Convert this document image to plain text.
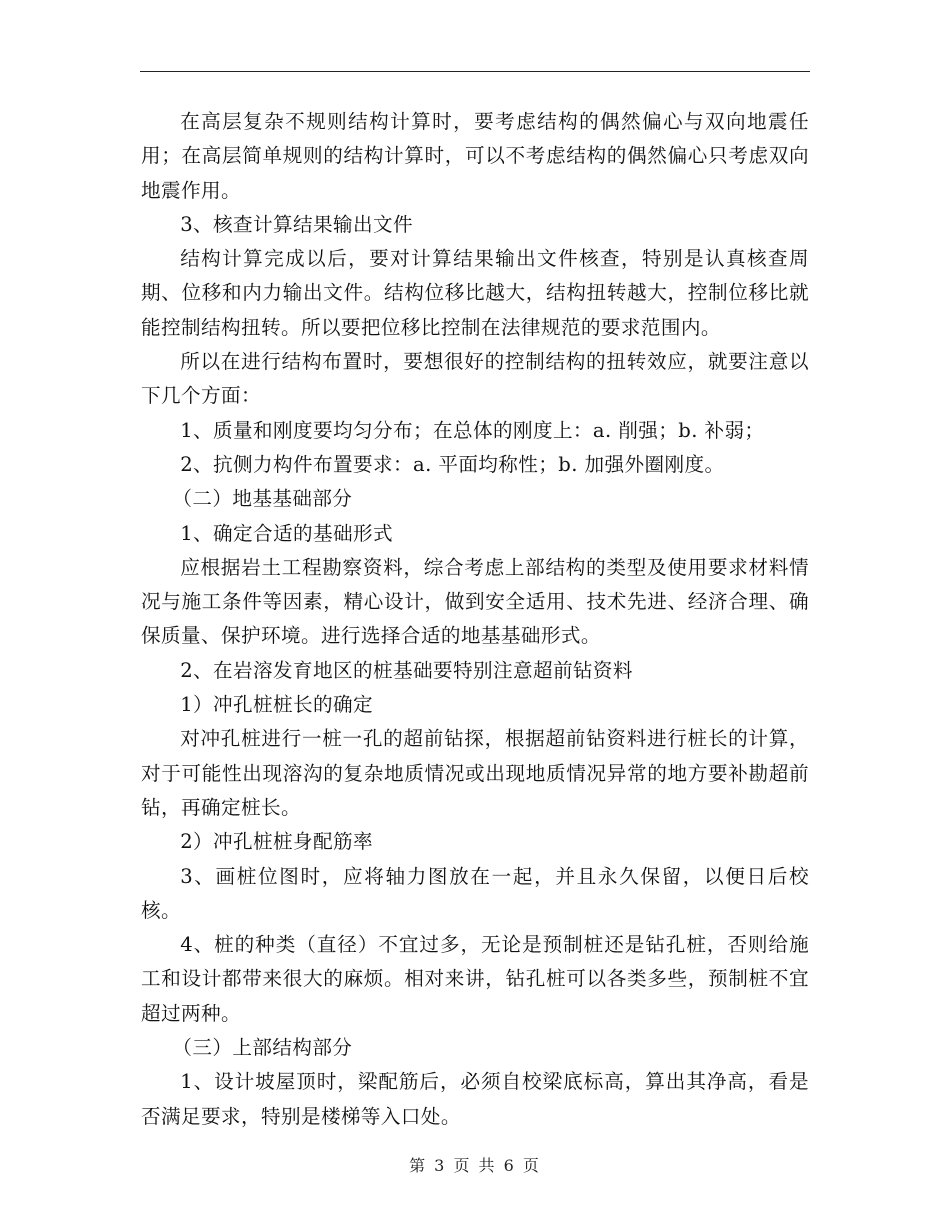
在高层复杂不规则结构计算时，要考虑结构的偶然偏心与双向地震任用；在高层简单规则的结构计算时，可以不考虑结构的偶然偏心只考虑双向地震作用。

3、核查计算结果输出文件

结构计算完成以后，要对计算结果输出文件核查，特别是认真核查周期、位移和内力输出文件。结构位移比越大，结构扭转越大，控制位移比就能控制结构扭转。所以要把位移比控制在法律规范的要求范围内。

所以在进行结构布置时，要想很好的控制结构的扭转效应，就要注意以下几个方面：

1、质量和刚度要均匀分布；在总体的刚度上：a. 削强；b. 补弱；

2、抗侧力构件布置要求：a. 平面均称性；b. 加强外圈刚度。

（二）地基基础部分

1、确定合适的基础形式

应根据岩土工程勘察资料，综合考虑上部结构的类型及使用要求材料情况与施工条件等因素，精心设计，做到安全适用、技术先进、经济合理、确保质量、保护环境。进行选择合适的地基基础形式。

2、在岩溶发育地区的桩基础要特别注意超前钻资料

1）冲孔桩桩长的确定

对冲孔桩进行一桩一孔的超前钻探，根据超前钻资料进行桩长的计算，对于可能性出现溶沟的复杂地质情况或出现地质情况异常的地方要补勘超前钻，再确定桩长。

2）冲孔桩桩身配筋率

3、画桩位图时，应将轴力图放在一起，并且永久保留，以便日后校核。

4、桩的种类（直径）不宜过多，无论是预制桩还是钻孔桩，否则给施工和设计都带来很大的麻烦。相对来讲，钻孔桩可以各类多些，预制桩不宜超过两种。

（三）上部结构部分

1、设计坡屋顶时，梁配筋后，必须自校梁底标高，算出其净高，看是否满足要求，特别是楼梯等入口处。

第 3 页 共 6 页
